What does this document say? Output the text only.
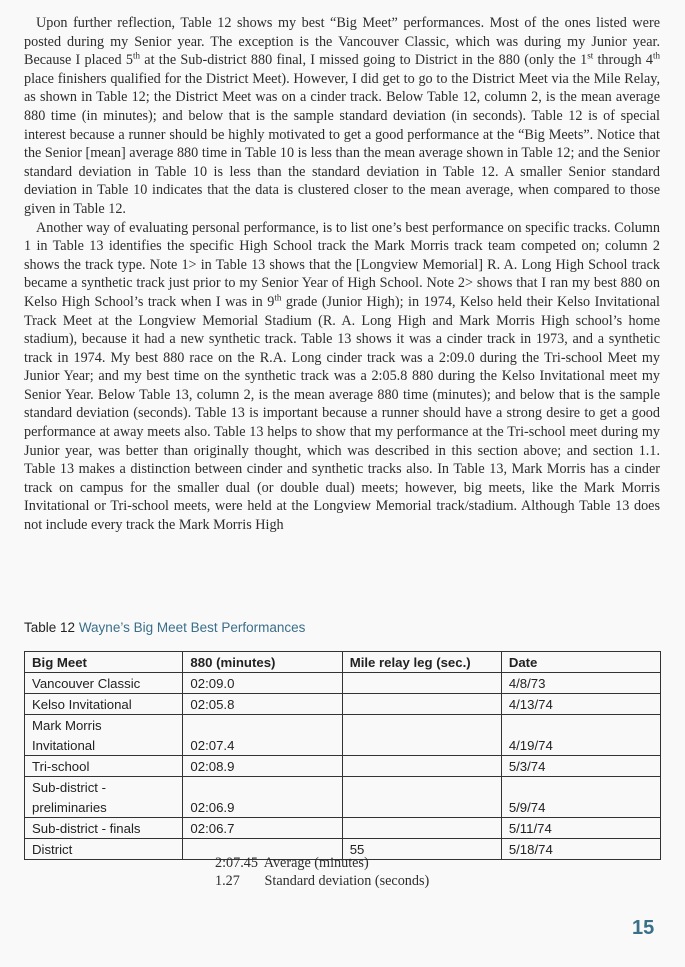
Upon further reflection, Table 12 shows my best “Big Meet” performances. Most of the ones listed were posted during my Senior year. The exception is the Vancouver Classic, which was during my Junior year. Because I placed 5th at the Sub-district 880 final, I missed going to District in the 880 (only the 1st through 4th place finishers qualified for the District Meet). However, I did get to go to the District Meet via the Mile Relay, as shown in Table 12; the District Meet was on a cinder track. Below Table 12, column 2, is the mean average 880 time (in minutes); and below that is the sample standard deviation (in seconds). Table 12 is of special interest because a runner should be highly motivated to get a good performance at the “Big Meets”. Notice that the Senior [mean] average 880 time in Table 10 is less than the mean average shown in Table 12; and the Senior standard deviation in Table 10 is less than the standard deviation in Table 12. A smaller Senior standard deviation in Table 10 indicates that the data is clustered closer to the mean average, when compared to those given in Table 12.

Another way of evaluating personal performance, is to list one’s best performance on specific tracks. Column 1 in Table 13 identifies the specific High School track the Mark Morris track team competed on; column 2 shows the track type. Note 1> in Table 13 shows that the [Longview Memorial] R. A. Long High School track became a synthetic track just prior to my Senior Year of High School. Note 2> shows that I ran my best 880 on Kelso High School’s track when I was in 9th grade (Junior High); in 1974, Kelso held their Kelso Invitational Track Meet at the Longview Memorial Stadium (R. A. Long High and Mark Morris High school’s home stadium), because it had a new synthetic track. Table 13 shows it was a cinder track in 1973, and a synthetic track in 1974. My best 880 race on the R.A. Long cinder track was a 2:09.0 during the Tri-school Meet my Junior Year; and my best time on the synthetic track was a 2:05.8 880 during the Kelso Invitational meet my Senior Year. Below Table 13, column 2, is the mean average 880 time (minutes); and below that is the sample standard deviation (seconds). Table 13 is important because a runner should have a strong desire to get a good performance at away meets also. Table 13 helps to show that my performance at the Tri-school meet during my Junior year, was better than originally thought, which was described in this section above; and section 1.1. Table 13 makes a distinction between cinder and synthetic tracks also. In Table 13, Mark Morris has a cinder track on campus for the smaller dual (or double dual) meets; however, big meets, like the Mark Morris Invitational or Tri-school meets, were held at the Longview Memorial track/stadium. Although Table 13 does not include every track the Mark Morris High

Table 12 Wayne’s Big Meet Best Performances
Big Meet	880 (minutes)	Mile relay leg (sec.)	Date
Vancouver Classic	02:09.0		4/8/73
Kelso Invitational	02:05.8		4/13/74
Mark Morris
Invitational	02:07.4		4/19/74
Tri-school	02:08.9		5/3/74
Sub-district -
preliminaries	02:06.9		5/9/74
Sub-district - finals	02:06.7		5/11/74
District		55	5/18/74
2:07.45 Average (minutes)
1.27 Standard deviation (seconds)
15
